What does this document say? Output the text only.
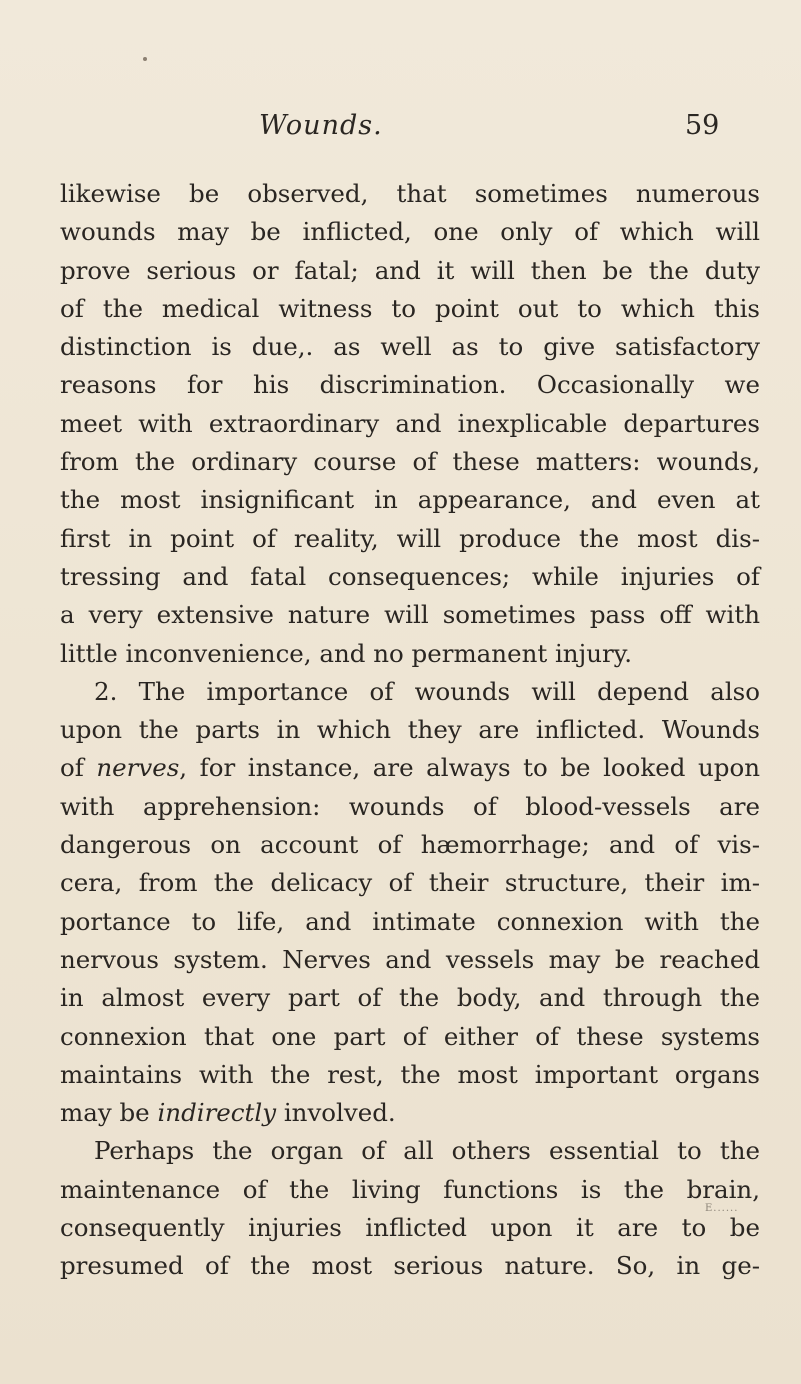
Wounds.	59
likewise be observed, that sometimes numerous
wounds may be inflicted, one only of which will
prove serious or fatal; and it will then be the duty
of the medical witness to point out to which this
distinction is due,. as well as to give satisfactory
reasons for his discrimination. Occasionally we
meet with extraordinary and inexplicable departures
from the ordinary course of these matters: wounds,
the most insignificant in appearance, and even at
first in point of reality, will produce the most dis-
tressing and fatal consequences; while injuries of
a very extensive nature will sometimes pass off with
little inconvenience, and no permanent injury.
2. The importance of wounds will depend also
upon the parts in which they are inflicted. Wounds
of nerves, for instance, are always to be looked upon
with apprehension: wounds of blood-vessels are
dangerous on account of hæmorrhage; and of vis-
cera, from the delicacy of their structure, their im-
portance to life, and intimate connexion with the
nervous system. Nerves and vessels may be reached
in almost every part of the body, and through the
connexion that one part of either of these systems
maintains with the rest, the most important organs
may be indirectly involved.
Perhaps the organ of all others essential to the
maintenance of the living functions is the brain,
consequently injuries inflicted upon it are to be
presumed of the most serious nature. So, in ge-
Ε......
